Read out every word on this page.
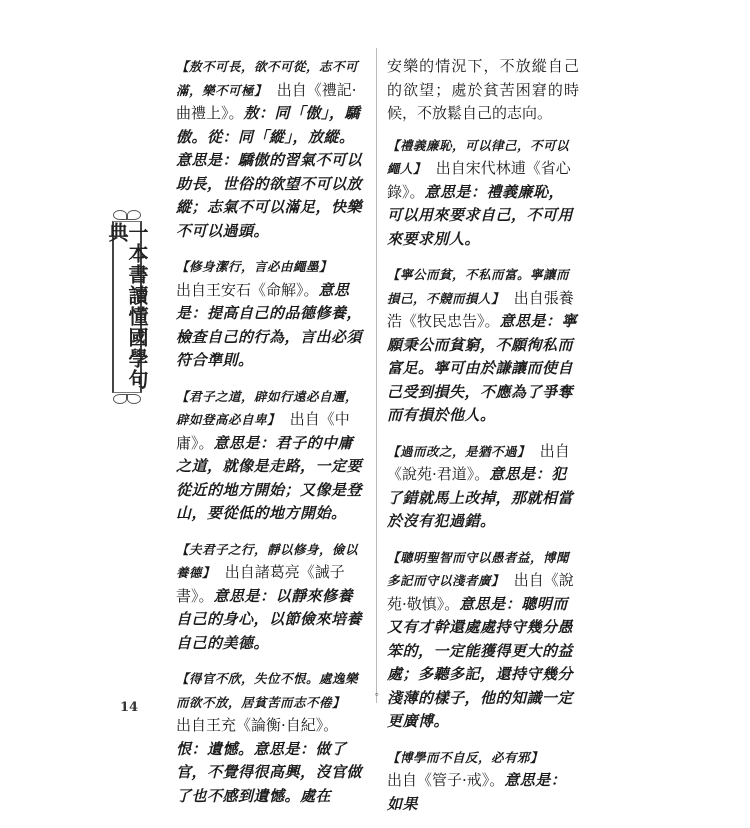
一本書讀懂國學句典
【敖不可長，欲不可從，志不可滿，樂不可極】 出自《禮記·曲禮上》。敖：同「傲」，驕傲。從：同「縱」，放縱。意思是：驕傲的習氣不可以助長，世俗的欲望不可以放縱；志氣不可以滿足，快樂不可以過頭。
【修身潔行，言必由繩墨】
出自王安石《命解》。意思是：提高自己的品德修養，檢查自己的行為，言出必須符合準則。
【君子之道，辟如行遠必自邇，辟如登高必自卑】 出自《中庸》。意思是：君子的中庸之道，就像是走路，一定要從近的地方開始；又像是登山，要從低的地方開始。
【夫君子之行，靜以修身，儉以養德】 出自諸葛亮《誡子書》。意思是：以靜來修養自己的身心，以節儉來培養自己的美德。
【得官不欣，失位不恨。處逸樂而欲不放，居貧苦而志不倦】
出自王充《論衡·自紀》。恨：遺憾。意思是：做了官，不覺得很高興，沒官做了也不感到遺憾。處在

安樂的情況下，不放縱自己的欲望；處於貧苦困窘的時候，不放鬆自己的志向。

【禮義廉恥，可以律己，不可以繩人】 出自宋代林逋《省心錄》。意思是：禮義廉恥，可以用來要求自己，不可用來要求別人。
【寧公而貧，不私而富。寧讓而損己，不競而損人】 出自張養浩《牧民忠告》。意思是：寧願秉公而貧窮，不願徇私而富足。寧可由於謙讓而使自己受到損失，不應為了爭奪而有損於他人。
【過而改之，是猶不過】 出自《說苑·君道》。意思是：犯了錯就馬上改掉，那就相當於沒有犯過錯。
【聰明聖智而守以愚者益，博聞多記而守以淺者廣】 出自《說苑·敬慎》。意思是：聰明而又有才幹還處處持守幾分愚笨的，一定能獲得更大的益處；多聽多記，還持守幾分淺薄的樣子，他的知識一定更廣博。
【博學而不自反，必有邪】
出自《管子·戒》。意思是：如果
。
14
